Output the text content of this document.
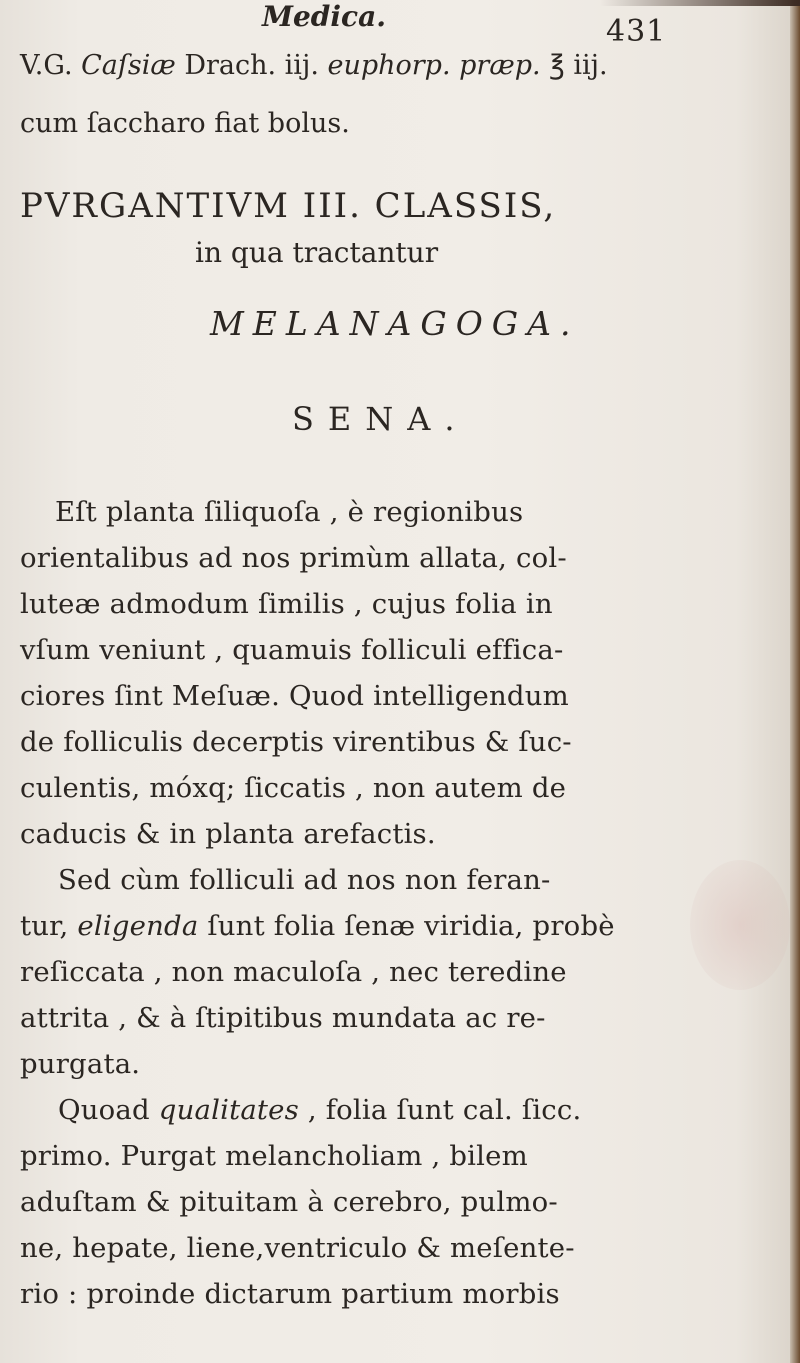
Medica.	431
V.G. Caſsiæ Drach. iij. euphorp. præp. ℥ iij.
cum ſaccharo fiat bolus.
PVRGANTIVM III. CLASSIS,
in qua tractantur
MELANAGOGA.
SENA.
Eſt planta ſiliquoſa , è regionibus
orientalibus ad nos primùm allata, col-
luteæ admodum ſimilis , cujus folia in
vſum veniunt , quamuis folliculi effica-
ciores ſint Meſuæ. Quod intelligendum
de folliculis decerptis virentibus & ſuc-
culentis, móxq; ſiccatis , non autem de
caducis & in planta arefactis.
Sed cùm folliculi ad nos non feran-
tur, eligenda ſunt folia ſenæ viridia, probè
reſiccata , non maculoſa , nec teredine
attrita , & à ſtipitibus mundata ac re-
purgata.
Quoad qualitates , folia ſunt cal. ſicc.
primo. Purgat melancholiam , bilem
aduſtam & pituitam à cerebro, pulmo-
ne, hepate, liene,ventriculo & meſente-
rio : proinde dictarum partium morbis
